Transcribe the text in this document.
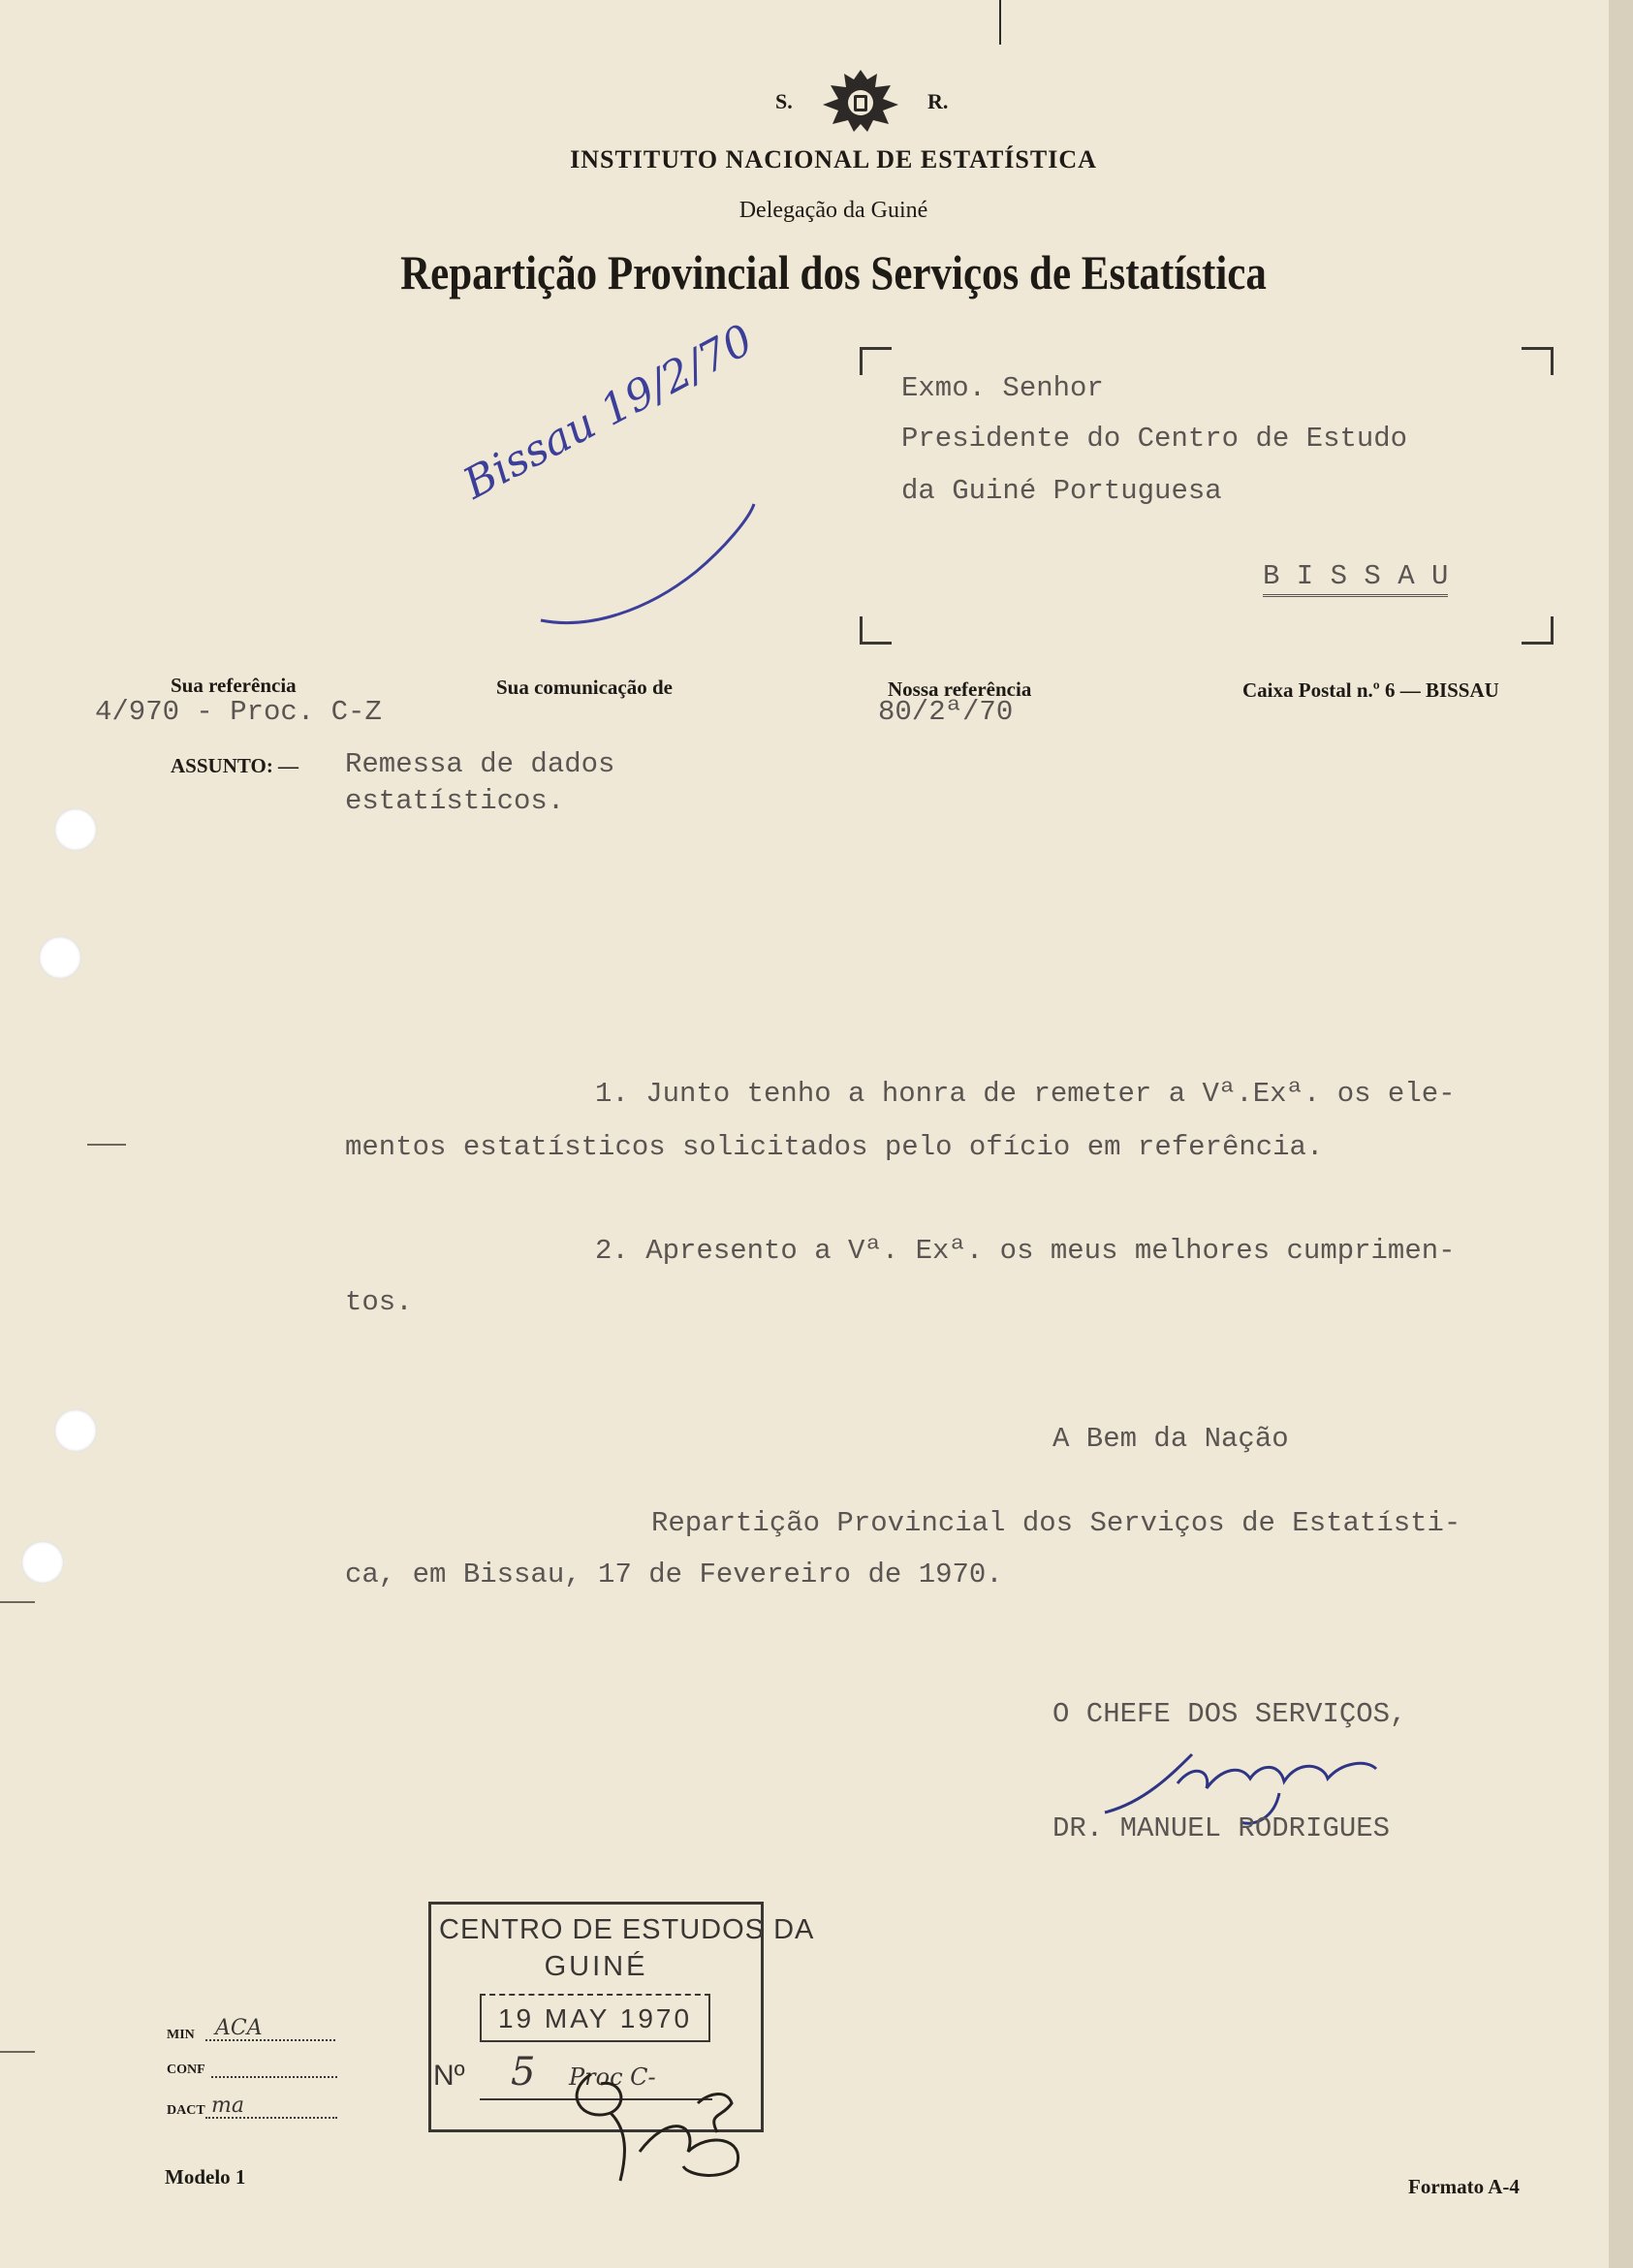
S.	R.
INSTITUTO NACIONAL DE ESTATÍSTICA
Delegação da Guiné
Repartição Provincial dos Serviços de Estatística
Exmo. Senhor
Presidente do Centro de Estudo
da Guiné Portuguesa
B I S S A U
Bissau 19/2/70
Sua referência
4/970 - Proc. C-Z
Sua comunicação de	Nossa referência
80/2ª/70
Caixa Postal n.º 6 — BISSAU
ASSUNTO: — Remessa de dados
estatísticos.
1. Junto tenho a honra de remeter a Vª.Exª. os ele-
mentos estatísticos solicitados pelo ofício em referência.
2. Apresento a Vª. Exª. os meus melhores cumprimen-
tos.
A Bem da Nação
Repartição Provincial dos Serviços de Estatísti-
ca, em Bissau, 17 de Fevereiro de 1970.
O CHEFE DOS SERVIÇOS,
DR. MANUEL RODRIGUES
CENTRO DE ESTUDOS DA
GUINÉ
19 MAY 1970
Nº 5 Proc C-
MIN ACA
CONF
DACT ma
Modelo 1	Formato A-4
